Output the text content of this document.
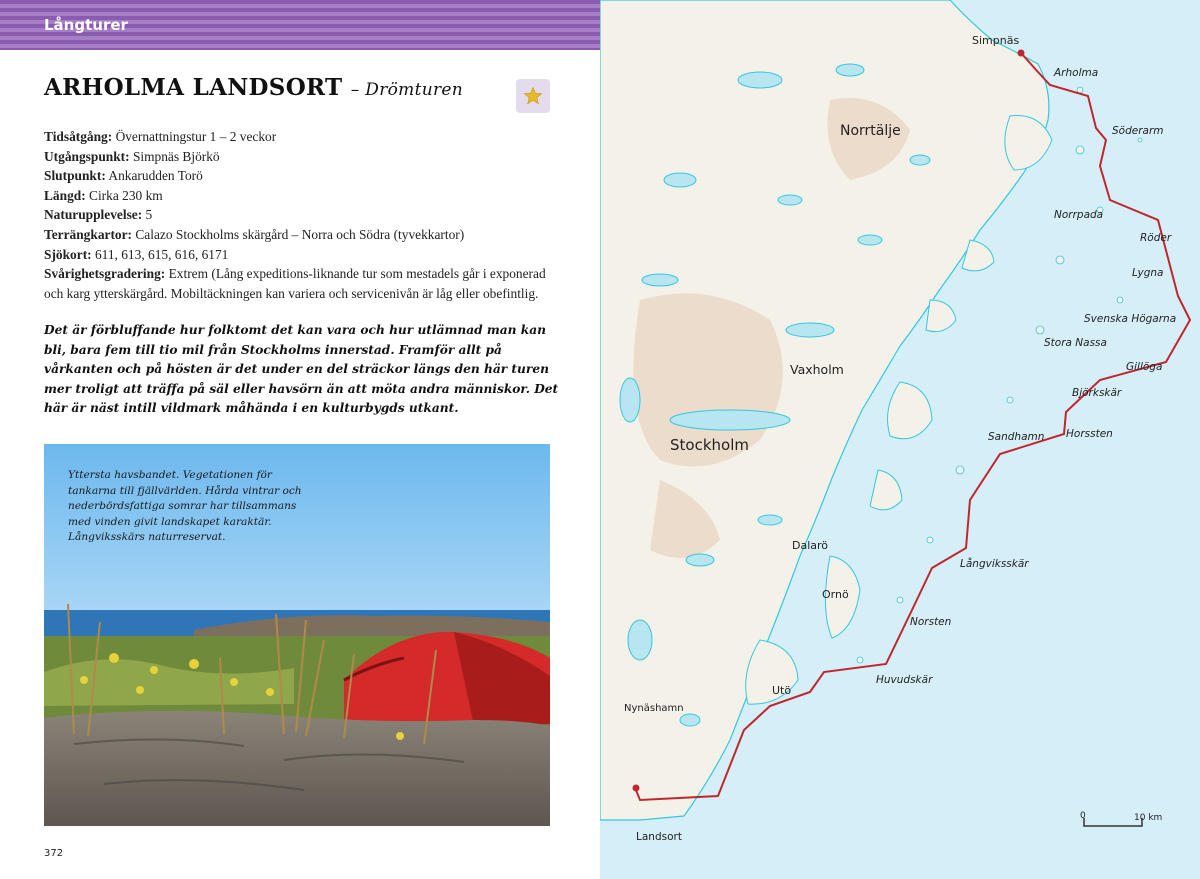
Långturer
ARHOLMA LANDSORT – Drömturen
Tidsåtgång: Övernattningstur 1 – 2 veckor
Utgångspunkt: Simpnäs Björkö
Slutpunkt: Ankarudden Torö
Längd: Cirka 230 km
Naturupplevelse: 5
Terrängkartor: Calazo Stockholms skärgård – Norra och Södra (tyvekkartor)
Sjökort: 611, 613, 615, 616, 6171
Svårighetsgradering: Extrem (Lång expeditions-liknande tur som mestadels går i exponerad och karg ytterskärgård. Mobiltäckningen kan variera och servicenivån är låg eller obefintlig.
Det är förbluffande hur folktomt det kan vara och hur utlämnad man kan bli, bara fem till tio mil från Stockholms innerstad. Framför allt på vårkanten och på hösten är det under en del sträckor längs den här turen mer troligt att träffa på säl eller havsörn än att möta andra människor. Det här är näst intill vildmark måhända i en kulturbygds utkant.
Yttersta havsbandet. Vegetationen för tankarna till fjällvärlden. Hårda vintrar och nederbördsfattiga somrar har tillsammans med vinden givit landskapet karaktär. Långviksskärs naturreservat.
372
Simpnäs
Arholma
Norrtälje	Söderarm
Norrpada
Röder
Lygna
Svenska Högarna
Stora Nassa
Gillöga
Vaxholm
Björkskär
Stockholm	Sandhamn Horssten
Dalarö
Långviksskär
Ornö
Norsten
Utö
Huvudskär
Nynäshamn
Landsort
0	10 km
